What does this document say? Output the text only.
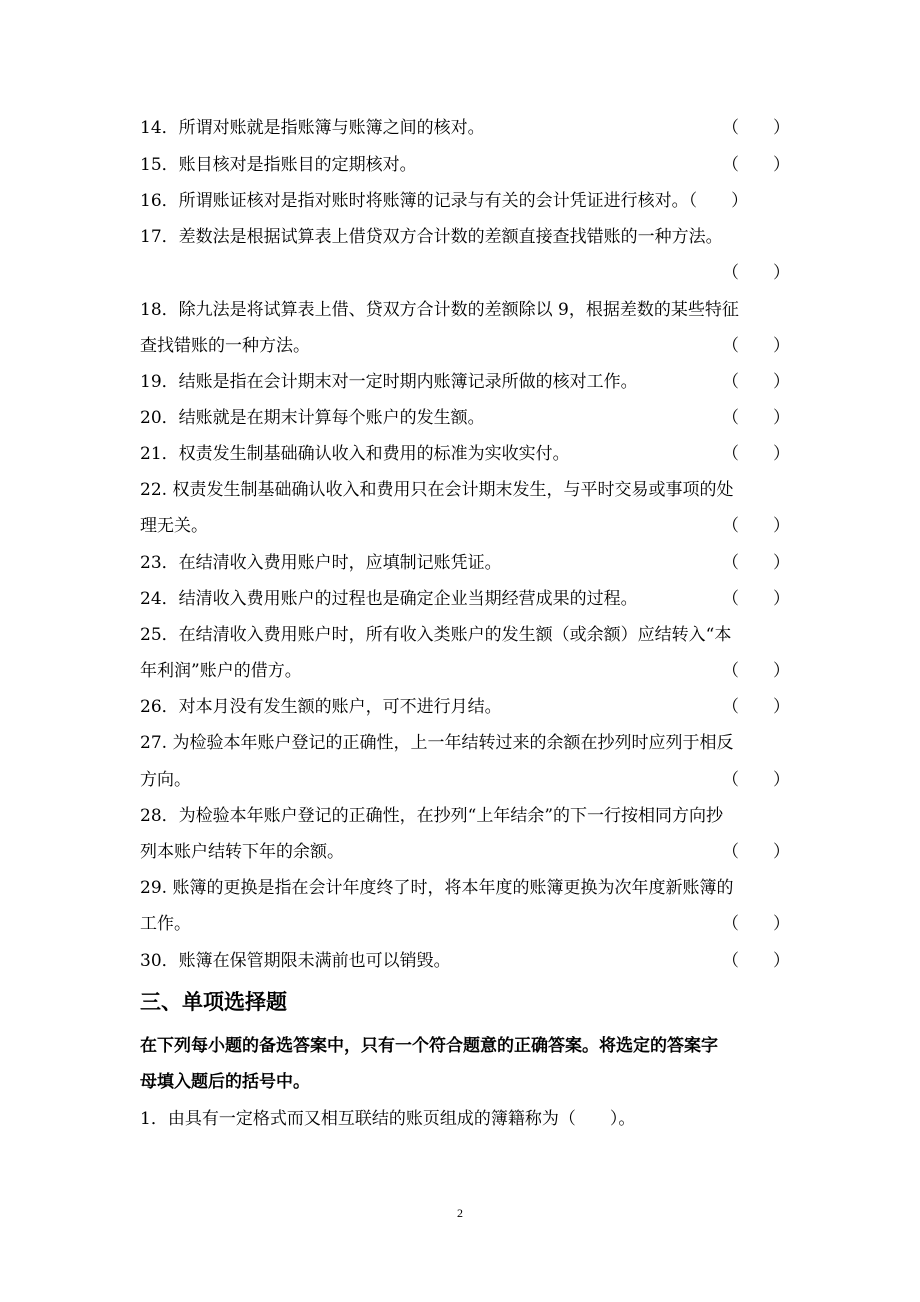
14．所谓对账就是指账簿与账簿之间的核对。	（　　）
15．账目核对是指账目的定期核对。	（　　）
16．所谓账证核对是指对账时将账簿的记录与有关的会计凭证进行核对。（　　）
17．差数法是根据试算表上借贷双方合计数的差额直接查找错账的一种方法。
（　　）
18．除九法是将试算表上借、贷双方合计数的差额除以 9，根据差数的某些特征
查找错账的一种方法。	（　　）
19．结账是指在会计期末对一定时期内账簿记录所做的核对工作。	（　　）
20．结账就是在期末计算每个账户的发生额。	（　　）
21．权责发生制基础确认收入和费用的标准为实收实付。	（　　）
22. 权责发生制基础确认收入和费用只在会计期末发生，与平时交易或事项的处
理无关。	（　　）
23．在结清收入费用账户时，应填制记账凭证。	（　　）
24．结清收入费用账户的过程也是确定企业当期经营成果的过程。	（　　）
25．在结清收入费用账户时，所有收入类账户的发生额（或余额）应结转入“本
年利润”账户的借方。	（　　）
26．对本月没有发生额的账户，可不进行月结。	（　　）
27. 为检验本年账户登记的正确性，上一年结转过来的余额在抄列时应列于相反
方向。	（　　）
28．为检验本年账户登记的正确性，在抄列“上年结余”的下一行按相同方向抄
列本账户结转下年的余额。	（　　）
29. 账簿的更换是指在会计年度终了时，将本年度的账簿更换为次年度新账簿的
工作。	（　　）
30．账簿在保管期限未满前也可以销毁。	（　　）
三、单项选择题
在下列每小题的备选答案中，只有一个符合题意的正确答案。将选定的答案字
母填入题后的括号中。
1．由具有一定格式而又相互联结的账页组成的簿籍称为（　　）。
2
